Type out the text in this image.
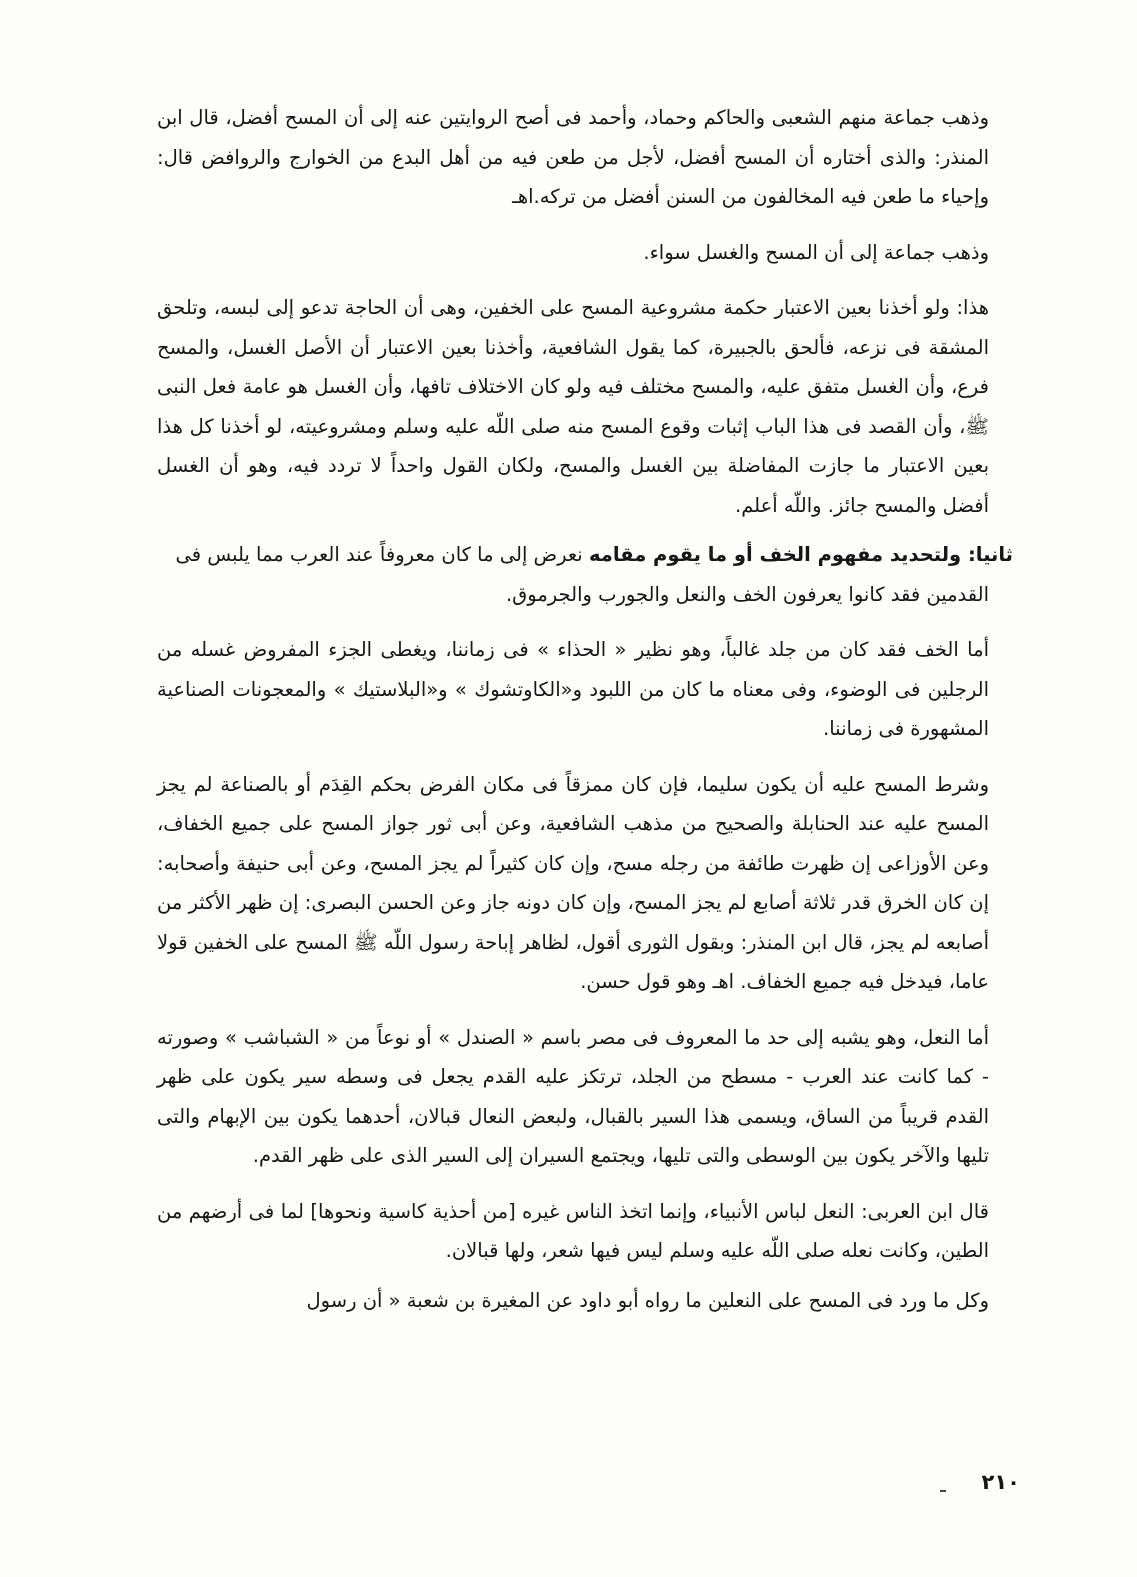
وذهب جماعة منهم الشعبى والحاكم وحماد، وأحمد فى أصح الروايتين عنه إلى أن المسح أفضل، قال ابن المنذر: والذى أختاره أن المسح أفضل، لأجل من طعن فيه من أهل البدع من الخوارج والروافض قال: وإحياء ما طعن فيه المخالفون من السنن أفضل من تركه.اهـ

وذهب جماعة إلى أن المسح والغسل سواء.

هذا: ولو أخذنا بعين الاعتبار حكمة مشروعية المسح على الخفين، وهى أن الحاجة تدعو إلى لبسه، وتلحق المشقة فى نزعه، فألحق بالجبيرة، كما يقول الشافعية، وأخذنا بعين الاعتبار أن الأصل الغسل، والمسح فرع، وأن الغسل متفق عليه، والمسح مختلف فيه ولو كان الاختلاف تافها، وأن الغسل هو عامة فعل النبى ﷺ، وأن القصد فى هذا الباب إثبات وقوع المسح منه صلى اللّه عليه وسلم ومشروعيته، لو أخذنا كل هذا بعين الاعتبار ما جازت المفاضلة بين الغسل والمسح، ولكان القول واحداً لا تردد فيه، وهو أن الغسل أفضل والمسح جائز. واللّه أعلم.

ثانيا: ولتحديد مفهوم الخف أو ما يقوم مقامه نعرض إلى ما كان معروفاً عند العرب مما يلبس فى

القدمين فقد كانوا يعرفون الخف والنعل والجورب والجرموق.

أما الخف فقد كان من جلد غالباً، وهو نظير « الحذاء » فى زماننا، ويغطى الجزء المفروض غسله من الرجلين فى الوضوء، وفى معناه ما كان من اللبود و«الكاوتشوك » و«البلاستيك » والمعجونات الصناعية المشهورة فى زماننا.

وشرط المسح عليه أن يكون سليما، فإن كان ممزقاً فى مكان الفرض بحكم القِدَم أو بالصناعة لم يجز المسح عليه عند الحنابلة والصحيح من مذهب الشافعية، وعن أبى ثور جواز المسح على جميع الخفاف، وعن الأوزاعى إن ظهرت طائفة من رجله مسح، وإن كان كثيراً لم يجز المسح، وعن أبى حنيفة وأصحابه: إن كان الخرق قدر ثلاثة أصابع لم يجز المسح، وإن كان دونه جاز وعن الحسن البصرى: إن ظهر الأكثر من أصابعه لم يجز، قال ابن المنذر: وبقول الثورى أقول، لظاهر إباحة رسول اللّه ﷺ المسح على الخفين قولا عاما، فيدخل فيه جميع الخفاف. اهـ وهو قول حسن.

أما النعل، وهو يشبه إلى حد ما المعروف فى مصر باسم « الصندل » أو نوعاً من « الشباشب » وصورته - كما كانت عند العرب - مسطح من الجلد، ترتكز عليه القدم يجعل فى وسطه سير يكون على ظهر القدم قريباً من الساق، ويسمى هذا السير بالقبال، ولبعض النعال قبالان، أحدهما يكون بين الإبهام والتى تليها والآخر يكون بين الوسطى والتى تليها، ويجتمع السيران إلى السير الذى على ظهر القدم.

قال ابن العربى: النعل لباس الأنبياء، وإنما اتخذ الناس غيره [من أحذية كاسية ونحوها] لما فى أرضهم من الطين، وكانت نعله صلى اللّه عليه وسلم ليس فيها شعر، ولها قبالان.

وكل ما ورد فى المسح على النعلين ما رواه أبو داود عن المغيرة بن شعبة « أن رسول

٢١٠
